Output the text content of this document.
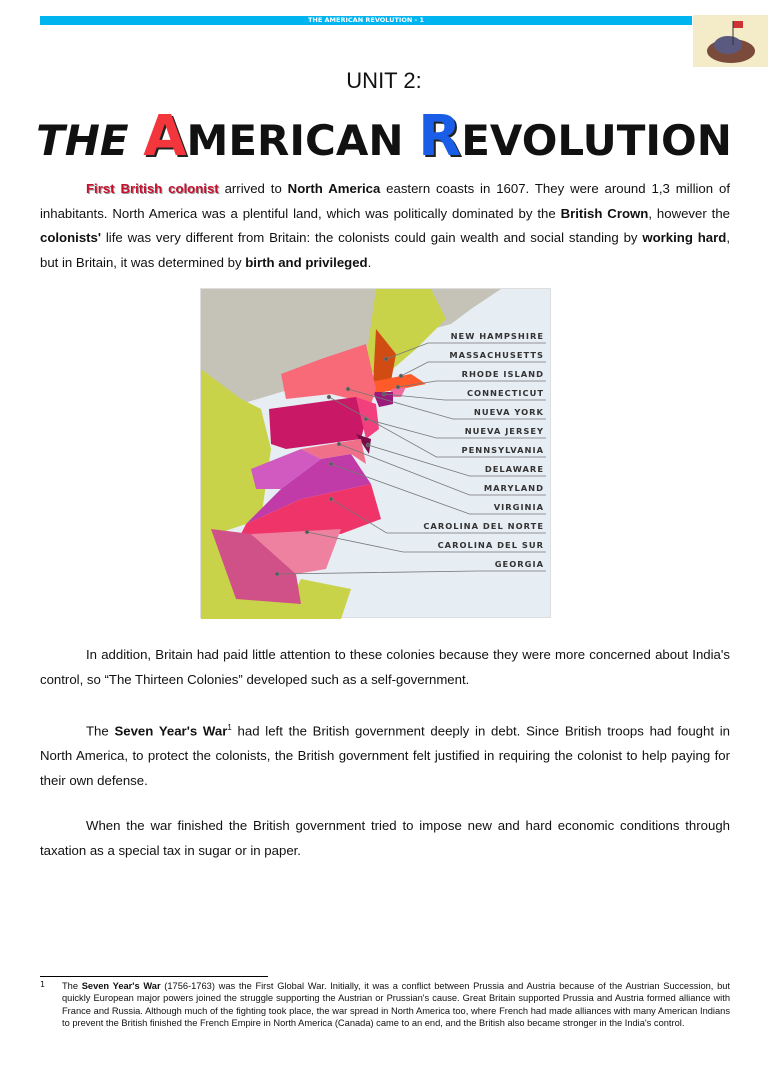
THE AMERICAN REVOLUTION - 1
UNIT 2:
THE AMERICAN REVOLUTION
First British colonist arrived to North America eastern coasts in 1607. They were around 1,3 million of inhabitants. North America was a plentiful land, which was politically dominated by the British Crown, however the colonists' life was very different from Britain: the colonists could gain wealth and social standing by working hard, but in Britain, it was determined by birth and privileged.
NEW HAMPSHIRE
MASSACHUSETTS
RHODE ISLAND
CONNECTICUT
NUEVA YORK
NUEVA JERSEY
PENNSYLVANIA
DELAWARE
MARYLAND
VIRGINIA
CAROLINA DEL NORTE
CAROLINA DEL SUR
GEORGIA
In addition, Britain had paid little attention to these colonies because they were more concerned about India's control, so “The Thirteen Colonies” developed such as a self-government.
The Seven Year's War$^1$ had left the British government deeply in debt. Since British troops had fought in North America, to protect the colonists, the British government felt justified in requiring the colonist to help paying for their own defense.
When the war finished the British government tried to impose new and hard economic conditions through taxation as a special tax in sugar or in paper.
1 The Seven Year's War (1756-1763) was the First Global War. Initially, it was a conflict between Prussia and Austria because of the Austrian Succession, but quickly European major powers joined the struggle supporting the Austrian or Prussian's cause. Great Britain supported Prussia and Austria formed alliance with France and Russia. Although much of the fighting took place, the war spread in North America too, where French had made alliances with many American Indians to prevent the British finished the French Empire in North America (Canada) came to an end, and the British also became stronger in the India's control.
